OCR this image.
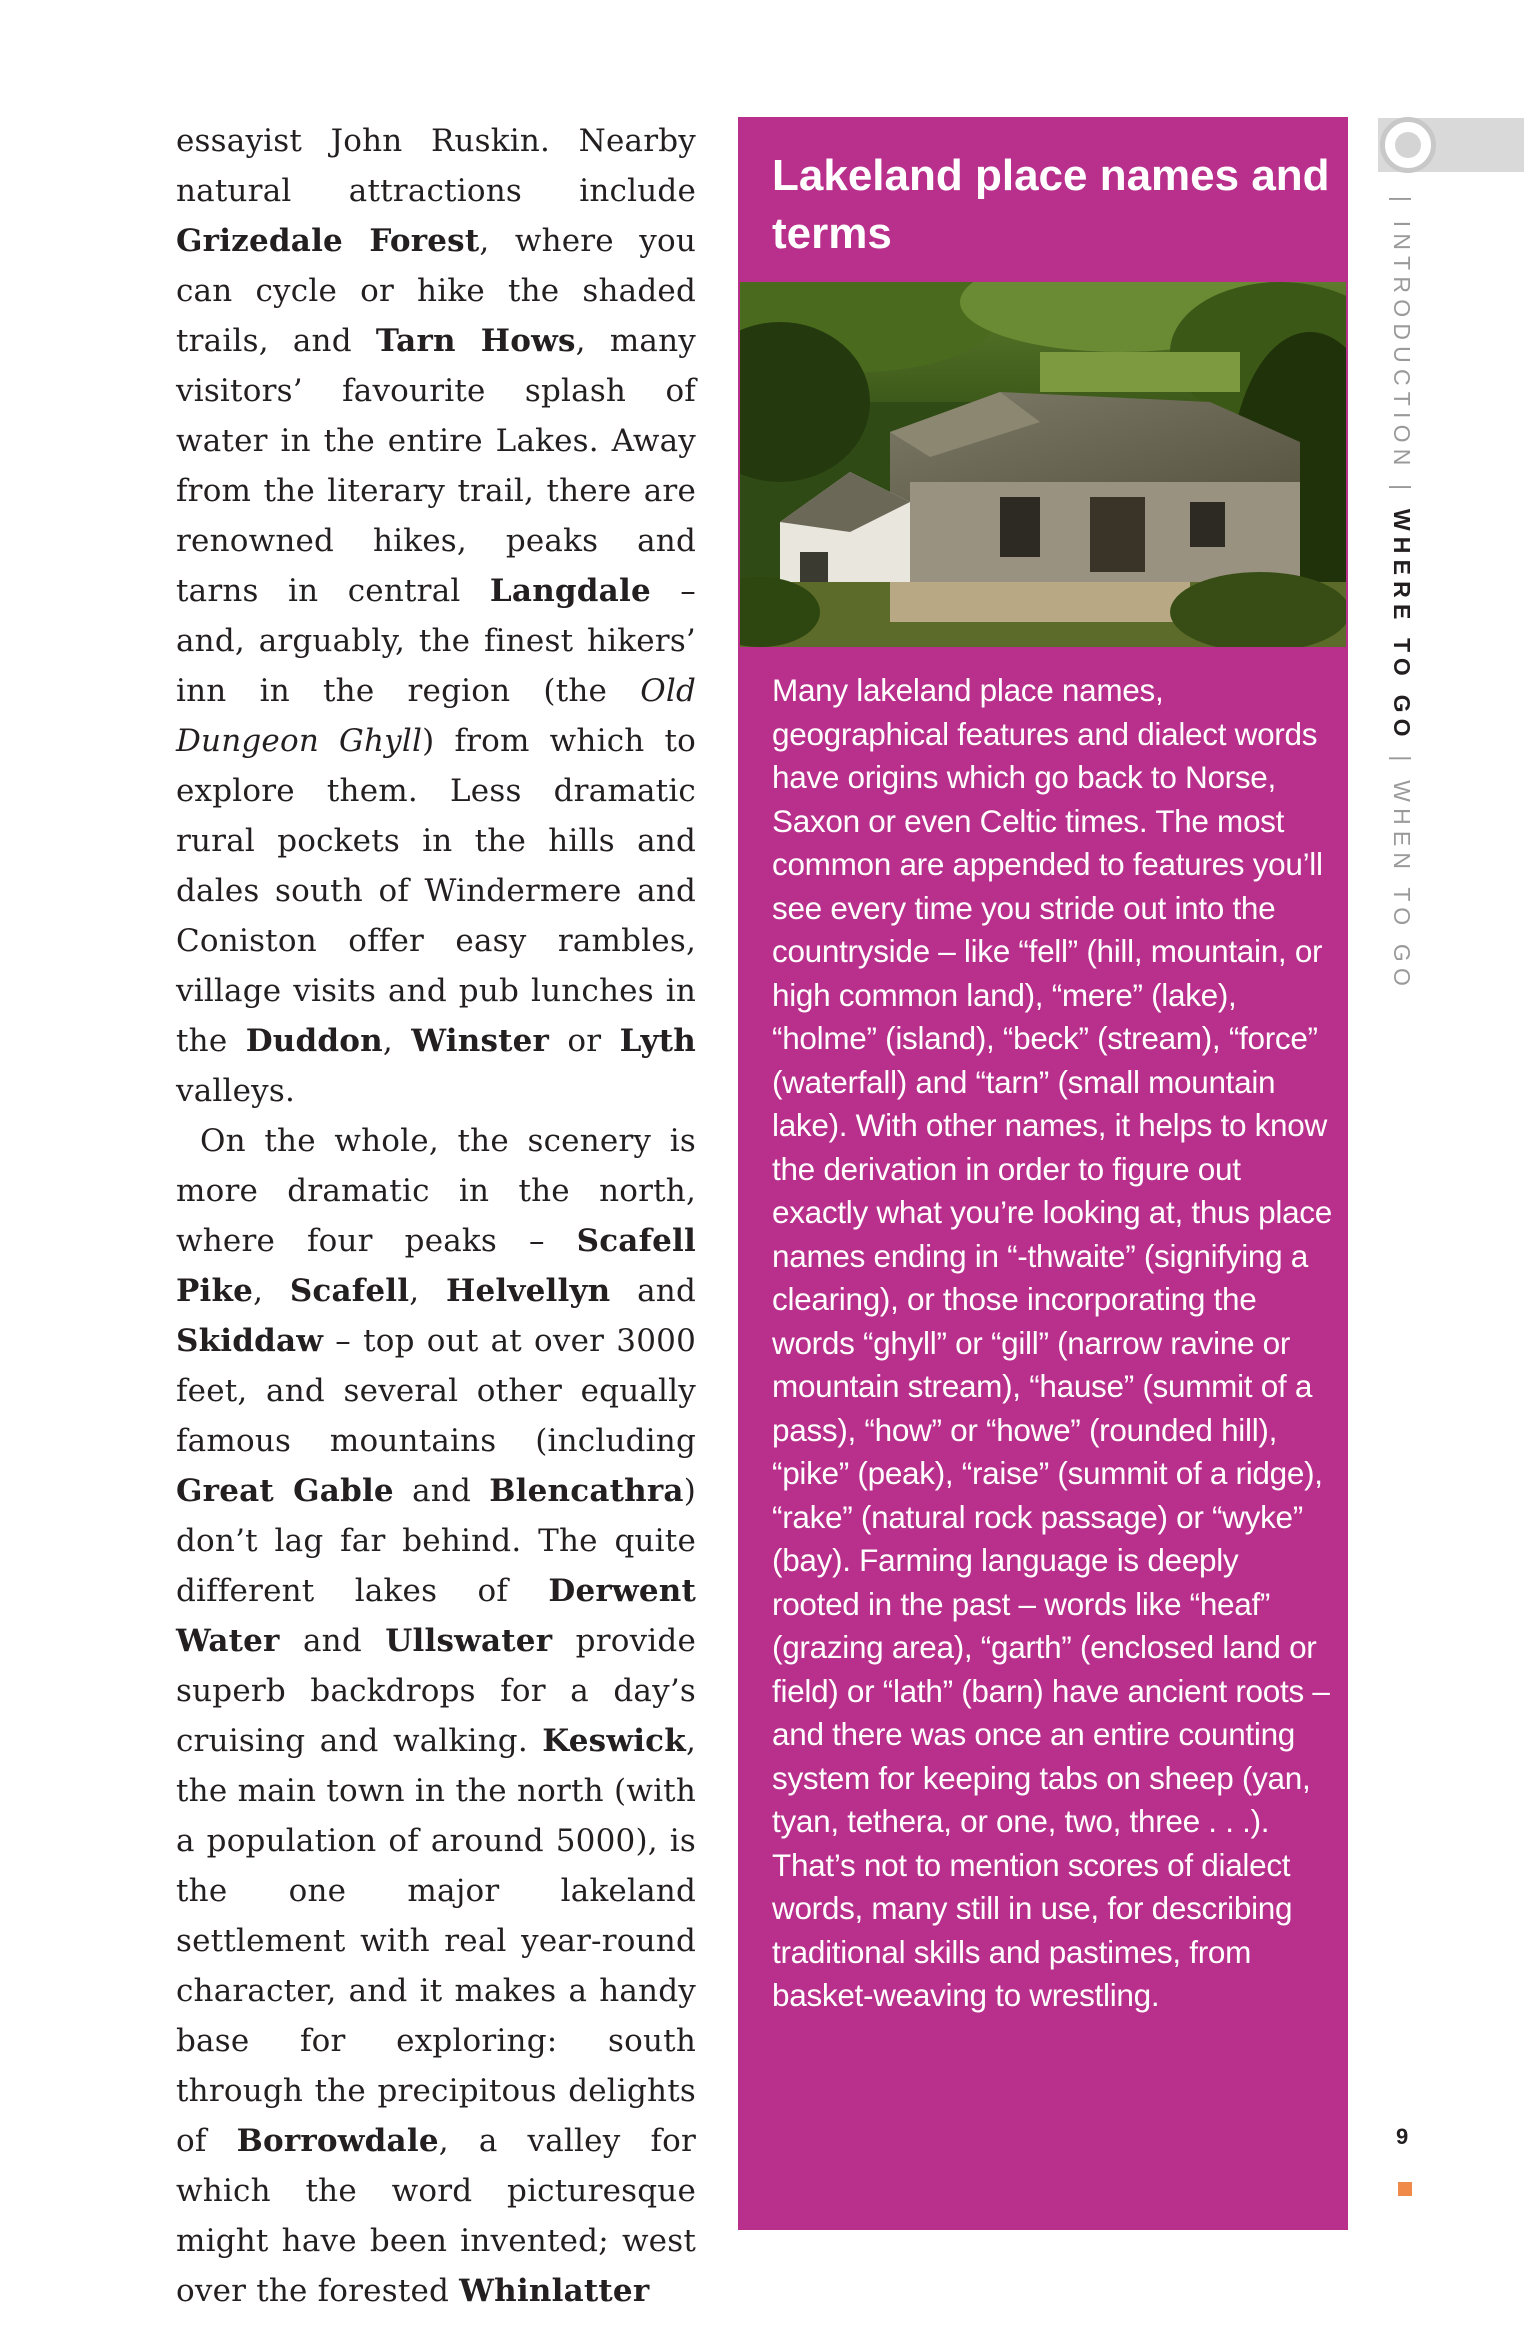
essayist John Ruskin. Nearby natural attractions include Grizedale Forest, where you can cycle or hike the shaded trails, and Tarn Hows, many visitors’ favourite splash of water in the entire Lakes. Away from the literary trail, there are renowned hikes, peaks and tarns in central Langdale – and, arguably, the finest hikers’ inn in the region (the Old Dungeon Ghyll) from which to explore them. Less dramatic rural pockets in the hills and dales south of Windermere and Coniston offer easy rambles, village visits and pub lunches in the Duddon, Winster or Lyth valleys.

On the whole, the scenery is more dramatic in the north, where four peaks – Scafell Pike, Scafell, Helvellyn and Skiddaw – top out at over 3000 feet, and several other equally famous mountains (including Great Gable and Blencathra) don’t lag far behind. The quite different lakes of Derwent Water and Ullswater provide superb backdrops for a day’s cruising and walking. Keswick, the main town in the north (with a population of around 5000), is the one major lakeland settlement with real year-round character, and it makes a handy base for exploring: south through the precipitous delights of Borrowdale, a valley for which the word picturesque might have been invented; west over the forested Whinlatter

Lakeland place names and terms

Many lakeland place names, geographical features and dialect words have origins which go back to Norse, Saxon or even Celtic times. The most common are appended to features you’ll see every time you stride out into the countryside – like “fell” (hill, mountain, or high common land), “mere” (lake), “holme” (island), “beck” (stream), “force” (waterfall) and “tarn” (small mountain lake). With other names, it helps to know the derivation in order to figure out exactly what you’re looking at, thus place names ending in “-thwaite” (signifying a clearing), or those incorporating the words “ghyll” or “gill” (narrow ravine or mountain stream), “hause” (summit of a pass), “how” or “howe” (rounded hill), “pike” (peak), “raise” (summit of a ridge), “rake” (natural rock passage) or “wyke” (bay). Farming language is deeply rooted in the past – words like “heaf” (grazing area), “garth” (enclosed land or field) or “lath” (barn) have ancient roots – and there was once an entire counting system for keeping tabs on sheep (yan, tyan, tethera, or one, two, three . . .). That’s not to mention scores of dialect words, many still in use, for describing traditional skills and pastimes, from basket-weaving to wrestling.

| INTRODUCTION | WHERE TO GO | WHEN TO GO
9
